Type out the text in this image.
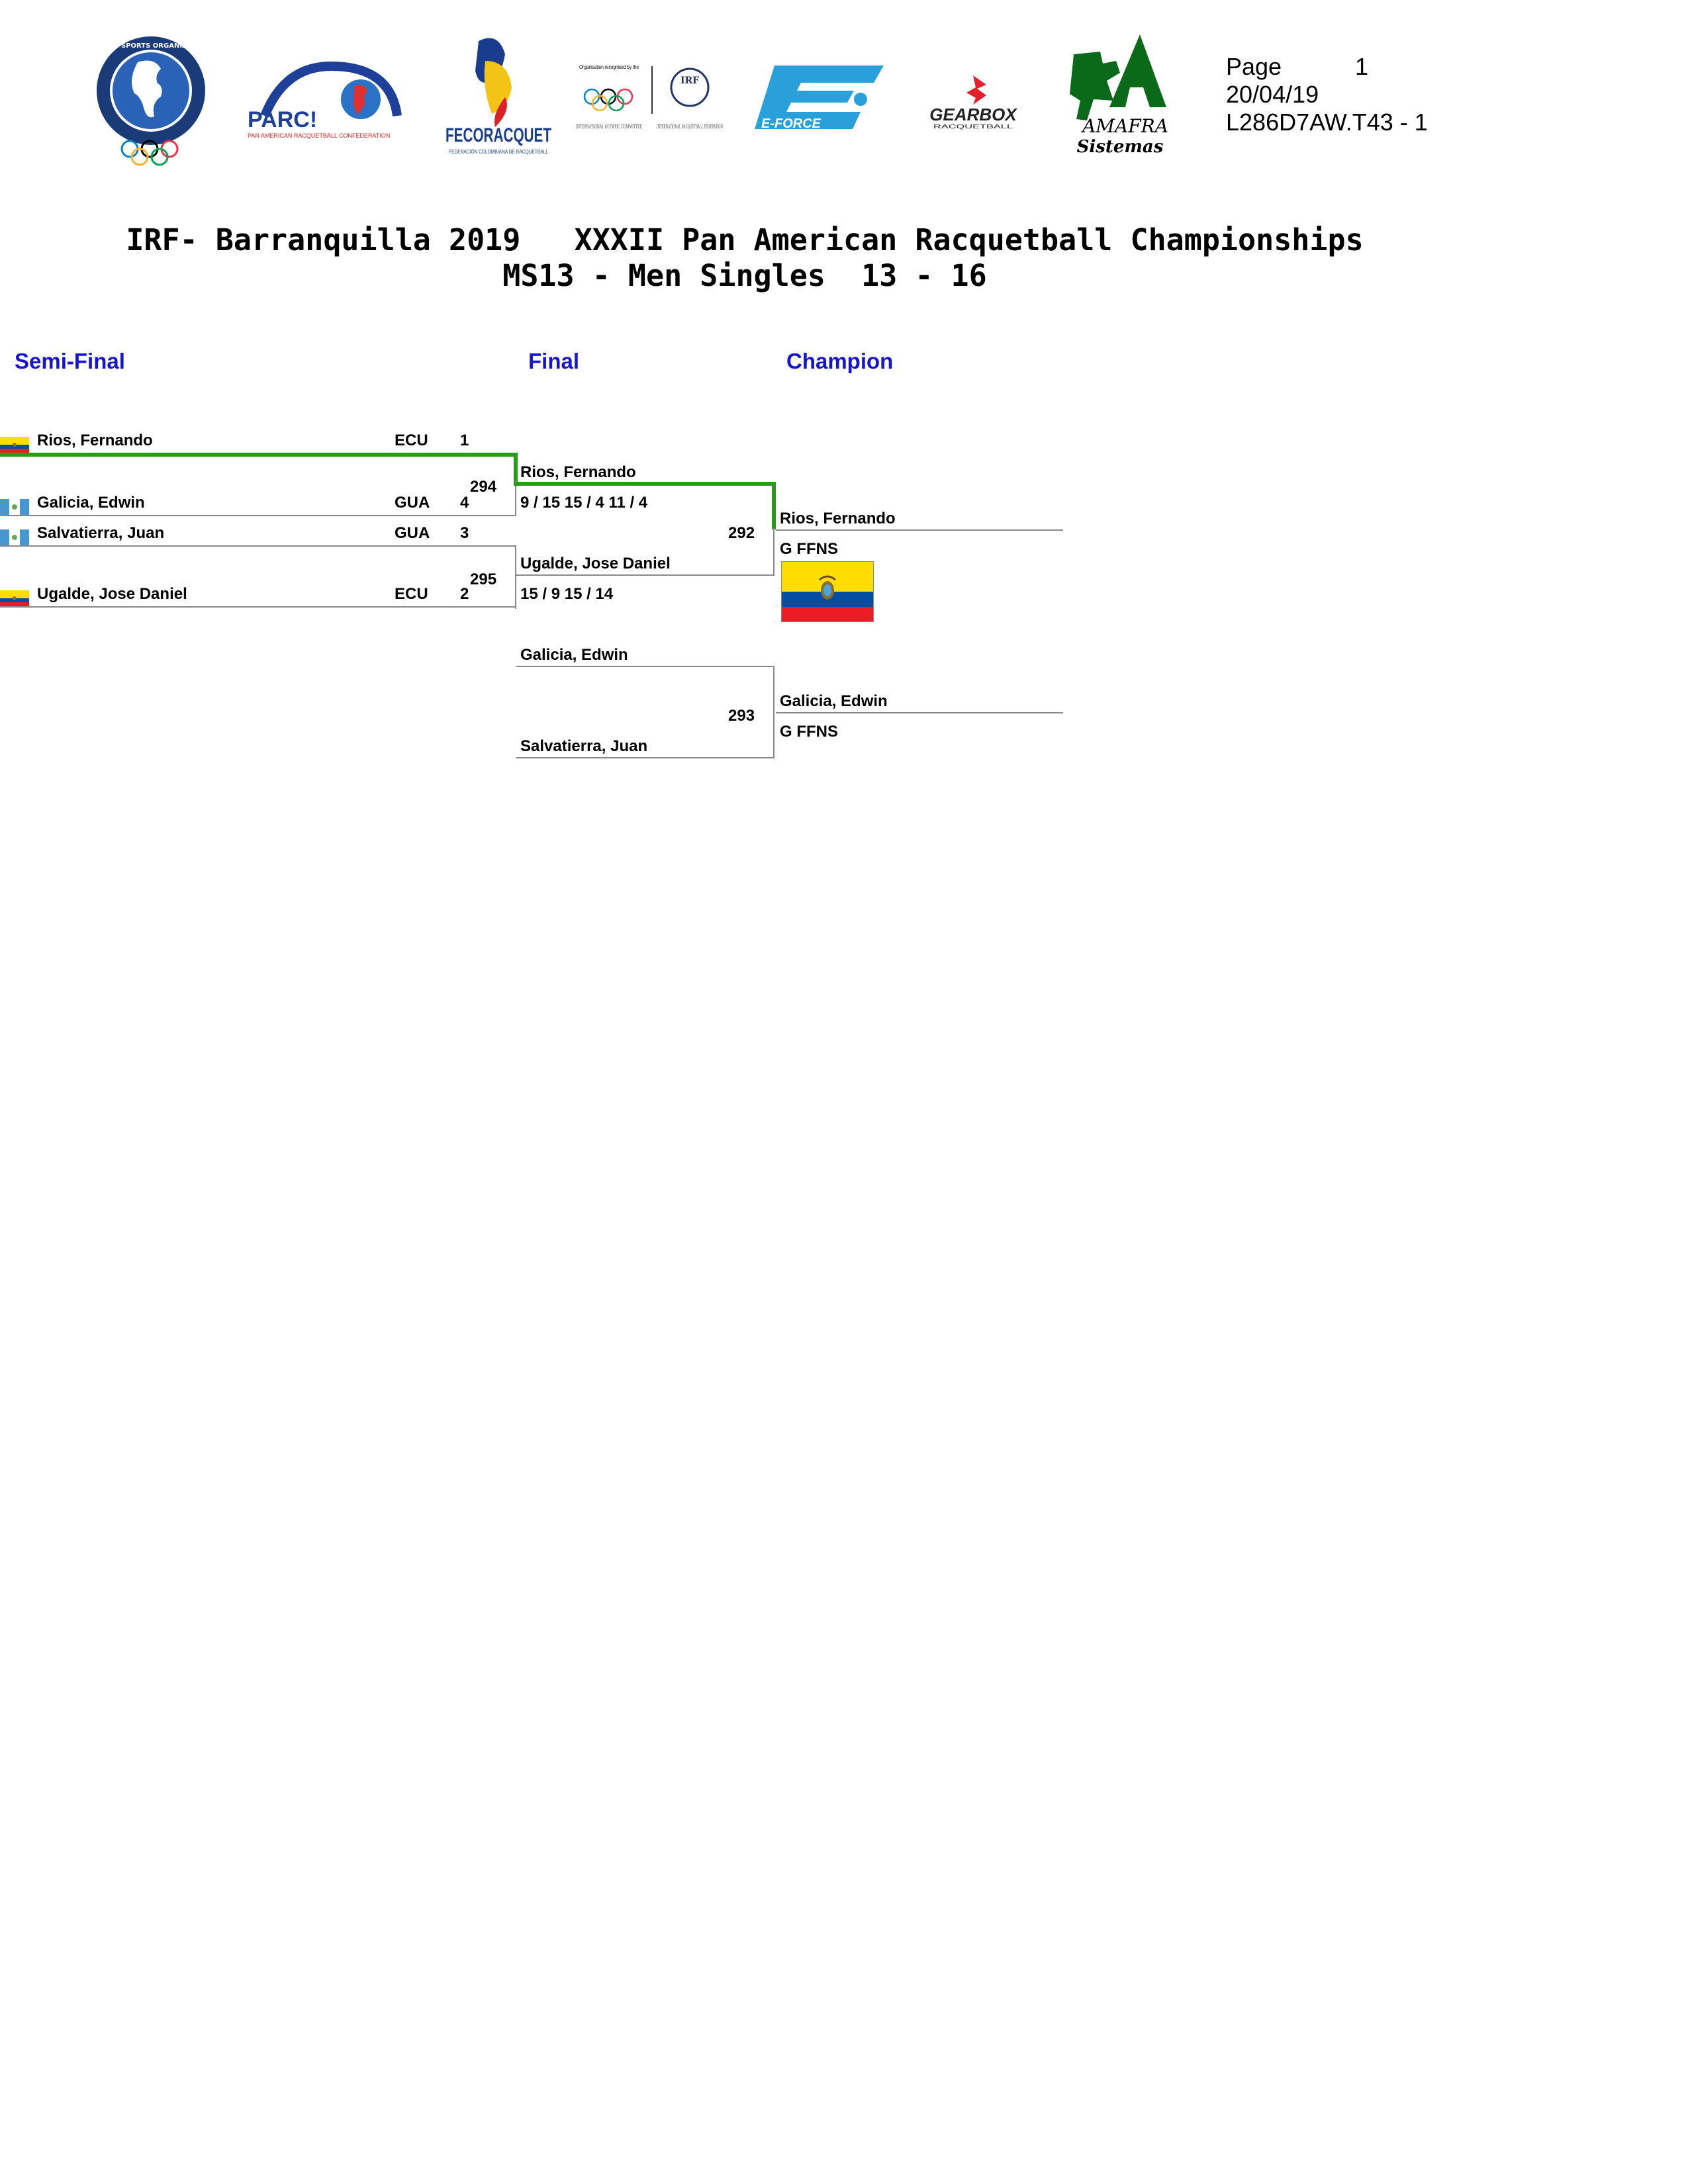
PANAM SPORTS ORGANIZATION
PARC!
PAN AMERICAN RACQUETBALL CONFEDERATION	FECORACQUET
FEDERACIÓN COLOMBIANA DE RACQUETBALL
Organisation recognised by the
IRF
INTERNATIONAL OLYMPIC COMMITTEE	INTERNATIONAL RACQUETBALL FEDERATION	E-FORCE	GEARBOX
RACQUETBALL	AMAFRA
Sistemas
Page	1
20/04/19
L286D7AW.T43 - 1
IRF- Barranquilla 2019   XXXII Pan American Racquetball Championships
MS13 - Men Singles  13 - 16
Semi-Final	Final	Champion
Rios, Fernando	ECU 1
294
Galicia, Edwin	GUA 4
Salvatierra, Juan	GUA 3
295
Ugalde, Jose Daniel	ECU 2
Rios, Fernando
9 / 15 15 / 4 11 / 4
292
Ugalde, Jose Daniel
15 / 9 15 / 14
Rios, Fernando
G FFNS
Galicia, Edwin
293
Salvatierra, Juan
Galicia, Edwin
G FFNS
